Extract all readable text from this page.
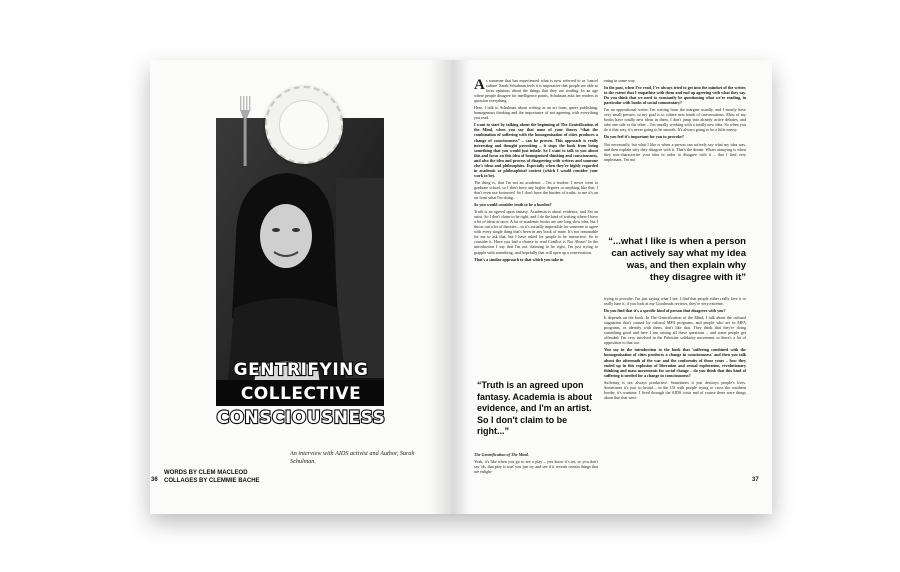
GENTRIFYING
COLLECTIVE
CONSCIOUSNESS
An interview with AIDS activist and Author, Sarah Schulman.
WORDS BY CLEM MACLEOD
COLLAGES BY CLEMMIE BACHE
36

As someone that has experienced what is now referred to as 'cancel culture' Sarah Schulman feels it is imperative that people are able to form opinions about the things that they are reading. In an age where people disagree for intelligence points, Schulman asks her readers to question everything.

Here, I talk to Schulman about writing as an art form, queer publishing, homogenous thinking and the importance of not agreeing with everything you read.

I want to start by talking about the beginning of The Gentrification of the Mind, when you say that none of your theory “that the combination of suffering with the homogenisation of cities produces a change of consciousness” – can be proven. This approach is really interesting and thought provoking – it stops the book from being something that you would just inhale. So I want to talk to you about this and focus on this idea of homogenised thinking and consciousness, and also the idea and process of disagreeing with writers and someone else's ideas and philosophies. Especially when they're highly regarded in academic or philosophical context (which I would consider your work to be).

The thing is, that I'm not an academic – I'm a teacher. I never went to graduate school, so I don't have any higher degrees or anything like that. I don't even use footnotes! So I don't have the burden of truths, to me it's an art form what I'm doing.

So you would consider truth to be a burden?

Truth is an agreed upon fantasy. Academia is about evidence, and I'm an artist. So I don't claim to be right, and I do the kind of writing where I have a lot of ideas at once. A lot of academic books are one long slow idea, but I throw out a lot of theories – so it's actually impossible for someone to agree with every single thing that's been in any book of mine. It's not reasonable for me to ask that, but I have asked for people to be interactive. So to consider it. Have you had a chance to read Conflict is Not Abuse? In the introduction I say that I'm not claiming to be right, I'm just trying to grapple with something, and hopefully that will open up a conversation.

That's a similar approach to that which you take in

“Truth is an agreed upon fantasy. Academia is about evidence, and I'm an artist. So I don't claim to be right...”

The Gentrification of The Mind.

Yeah, it's like when you go to see a play – you know it's art, so you don't say 'oh, that play is true' you just try and see if it reveals certain things that are enlight-

ening in some way.

In the past, when I've read, I've always tried to get into the mindset of the writer, to the extent that I empathise with them and end up agreeing with what they say. Do you think that we need to constantly be questioning what we're reading, in particular with books of social commentary?

I'm an oppositional writer. I'm writing from the margins usually, and I mostly have very small presses, so my goal is to cohere new kinds of conversations. Most of my books have totally new ideas in them, I don't jump into already active debates, and take one side or the other – I'm usually working with a totally new idea. So when you do it that way, it's never going to be smooth. It's always going to be a little messy.

Do you feel it's important for you to provoke?

Not necessarily, but what I like is when a person can actively say what my idea was, and then explain why they disagree with it. That's the dream. Whats annoying is when they mis-characterise your idea in order to disagree with it – that I find very unpleasant. I'm not

“...what I like is when a person can actively say what my idea was, and then explain why they disagree with it”

trying to provoke, I'm just saying what I see. I find that people either really love it or really hate it, if you look at my Goodreads reviews, they're very extreme.

Do you find that it's a specific kind of person that disagrees with you?

It depends on the book. In The Gentrification of the Mind, I talk about the cultural stagnation that's caused by cultural MFA programs, and people who are in MFA programs, or identify with them, don't like that. They think that they're doing something good and here I am raising all these questions – and some people get offended. I'm very involved in the Palestine solidarity movement so there's a lot of opposition to that too.

You say in the introduction to the book that 'suffering combined with the homogenisation of cities produces a change in consciousness' and then you talk about the aftermath of the war and the conformity of those years – how they ended up in this explosion of liberation and sexual exploration, revolutionary thinking and mass movements for social change – do you think that this kind of suffering is needed for a change in consciousness?

Suffering is not always productive. Sometimes it just destroys people's lives. Sometimes it's just so brutal – in the US with people trying to cross the southern border, it's wartime. I lived through the AIDS crisis and of course there were things about that that were

37
